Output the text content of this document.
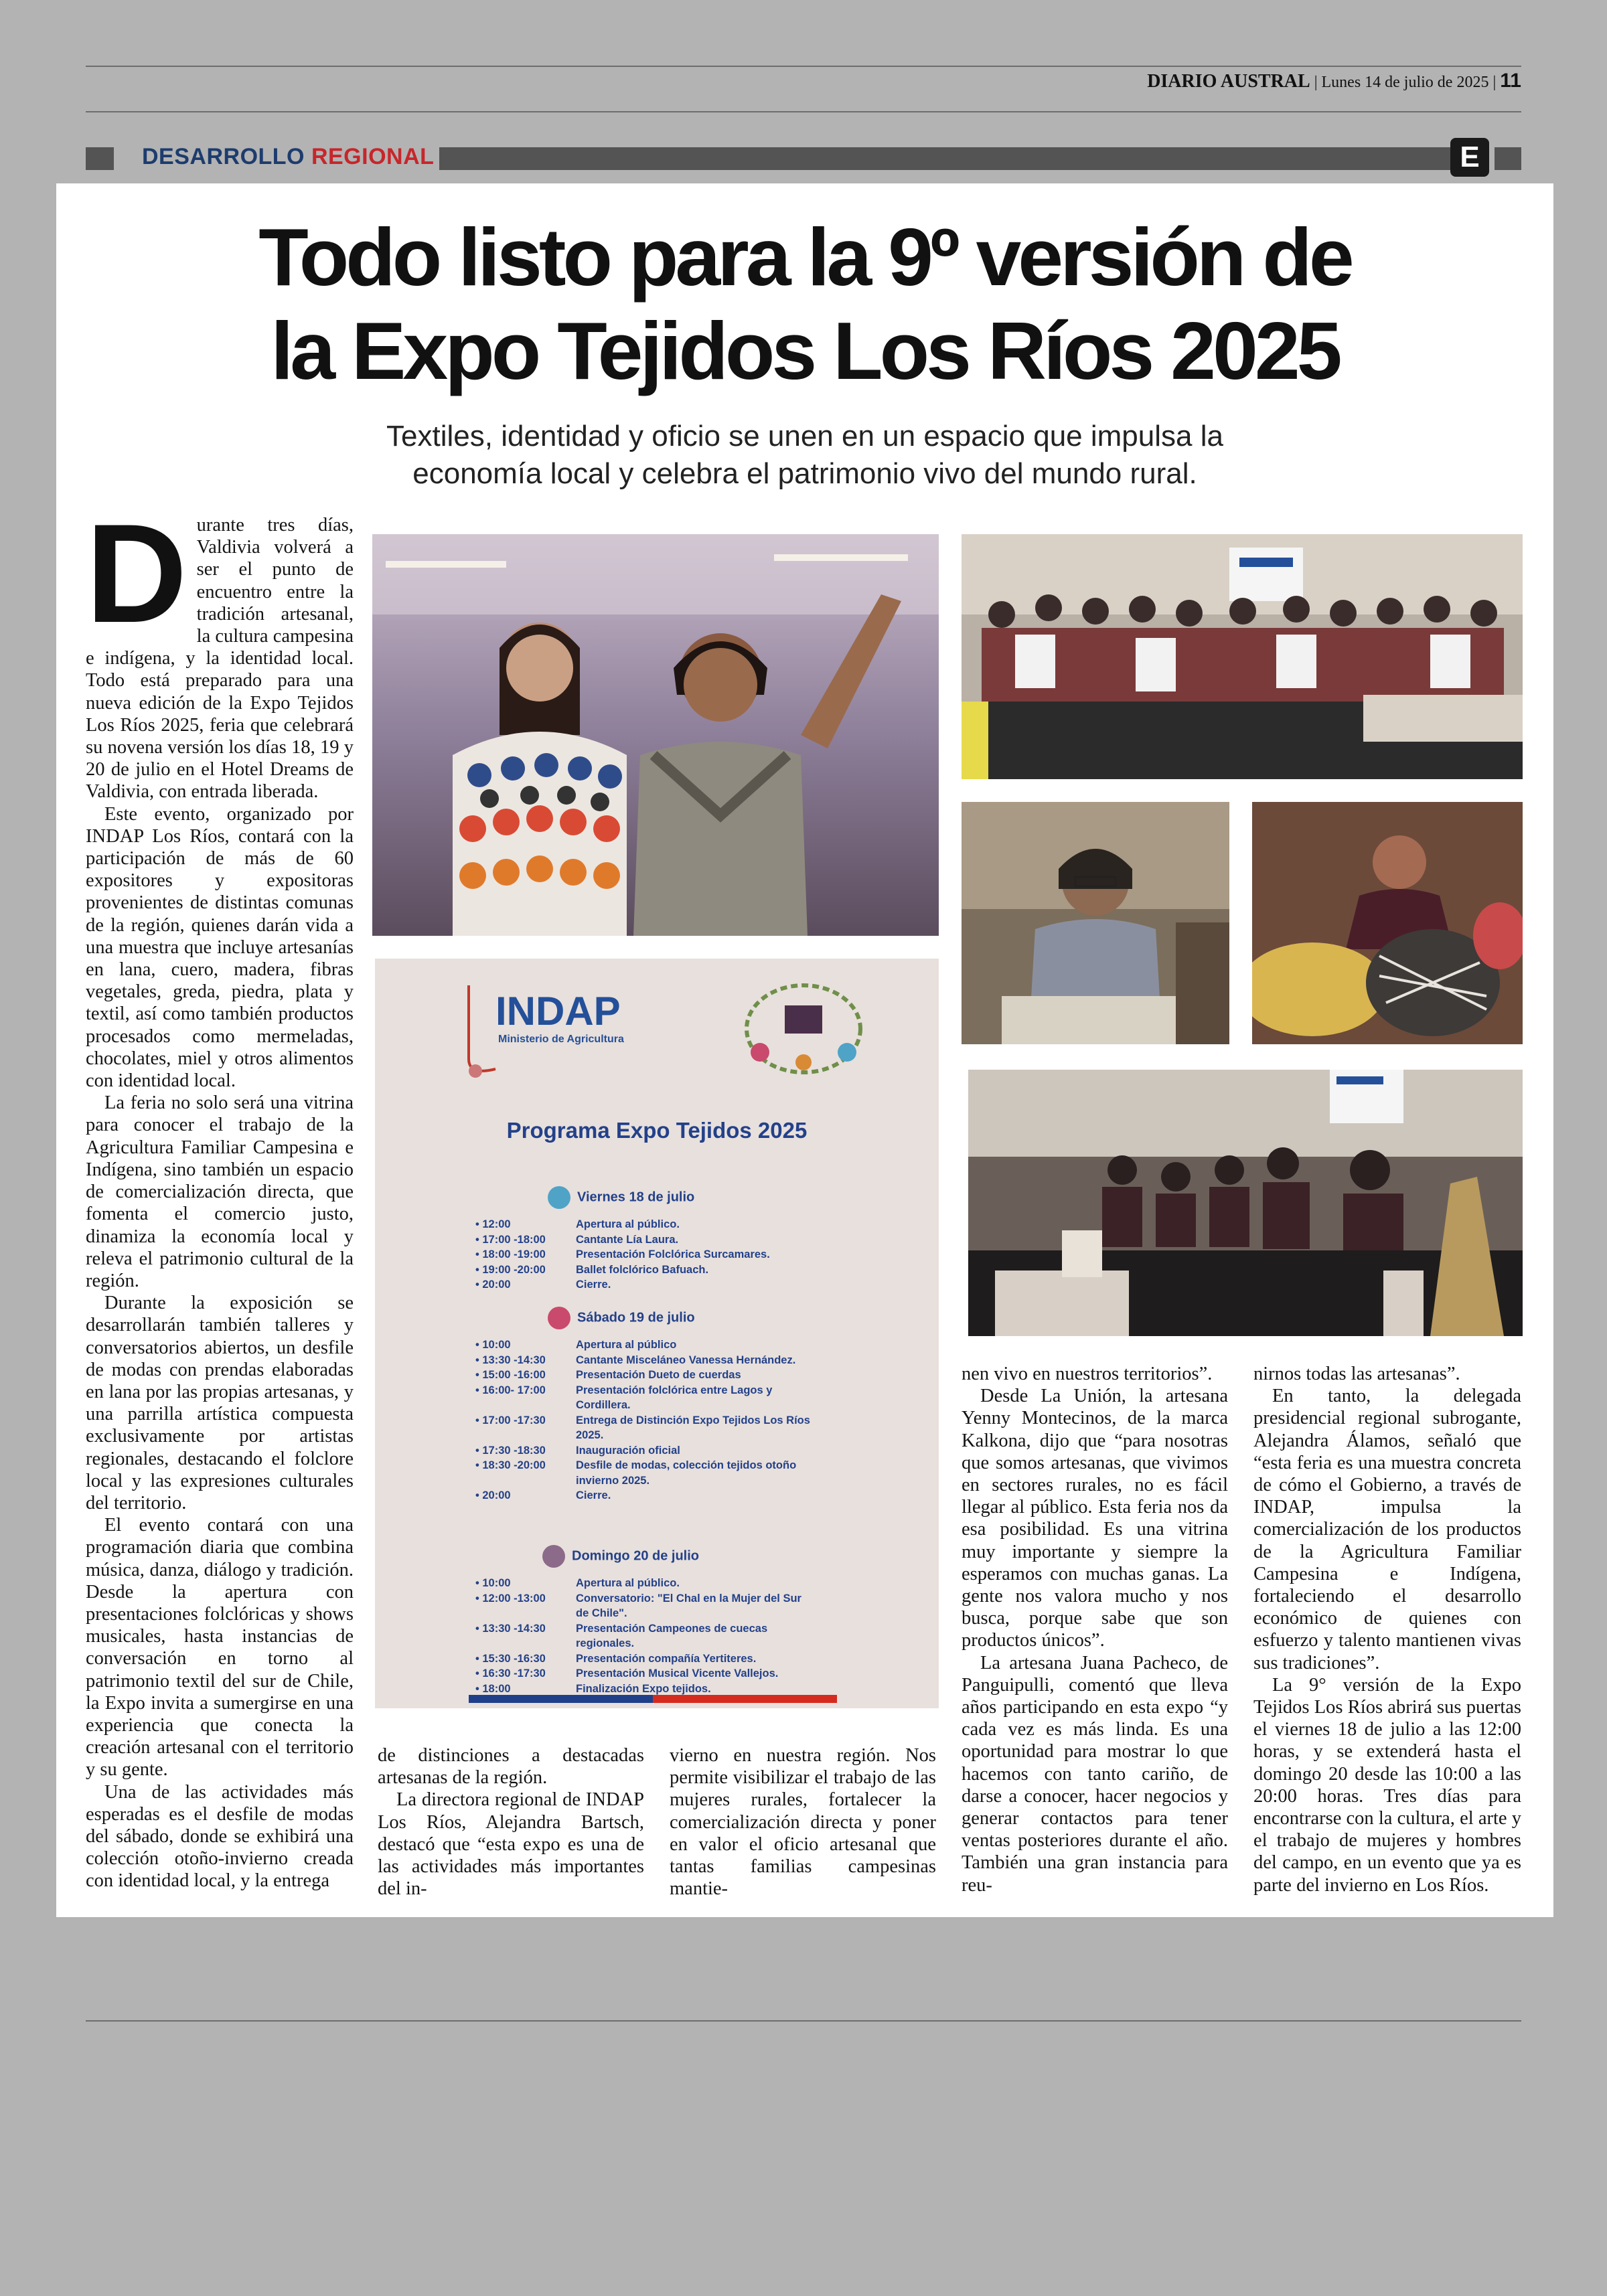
DIARIO AUSTRAL | Lunes 14 de julio de 2025 | 11
DESARROLLO REGIONAL	E
Todo listo para la 9º versión de
la Expo Tejidos Los Ríos 2025
Textiles, identidad y oficio se unen en un espacio que impulsa la
economía local y celebra el patrimonio vivo del mundo rural.

Durante tres días, Valdivia volverá a ser el punto de encuentro entre la tradición artesanal, la cultura campesina e indígena, y la identidad local. Todo está preparado para una nueva edición de la Expo Tejidos Los Ríos 2025, feria que celebrará su novena versión los días 18, 19 y 20 de julio en el Hotel Dreams de Valdivia, con entrada liberada.

Este evento, organizado por INDAP Los Ríos, contará con la participación de más de 60 expositores y expositoras provenientes de distintas comunas de la región, quienes darán vida a una muestra que incluye artesanías en lana, cuero, madera, fibras vegetales, greda, piedra, plata y textil, así como también productos procesados como mermeladas, chocolates, miel y otros alimentos con identidad local.

La feria no solo será una vitrina para conocer el trabajo de la Agricultura Familiar Campesina e Indígena, sino también un espacio de comercialización directa, que fomenta el comercio justo, dinamiza la economía local y releva el patrimonio cultural de la región.

Durante la exposición se desarrollarán también talleres y conversatorios abiertos, un desfile de modas con prendas elaboradas en lana por las propias artesanas, y una parrilla artística compuesta exclusivamente por artistas regionales, destacando el folclore local y las expresiones culturales del territorio.

El evento contará con una programación diaria que combina música, danza, diálogo y tradición. Desde la apertura con presentaciones folclóricas y shows musicales, hasta instancias de conversación en torno al patrimonio textil del sur de Chile, la Expo invita a sumergirse en una experiencia que conecta la creación artesanal con el territorio y su gente.

Una de las actividades más esperadas es el desfile de modas del sábado, donde se exhibirá una colección otoño-invierno creada con identidad local, y la entrega

INDAP
Ministerio de Agricultura
Programa Expo Tejidos 2025
Viernes 18 de julio
• 12:00	Apertura al público.
• 17:00 -18:00	Cantante Lía Laura.
• 18:00 -19:00	Presentación Folclórica Surcamares.
• 19:00 -20:00	Ballet folclórico Bafuach.
• 20:00	Cierre.
Sábado 19 de julio
• 10:00	Apertura al público
• 13:30 -14:30	Cantante Misceláneo Vanessa Hernández.
• 15:00 -16:00	Presentación Dueto de cuerdas
• 16:00- 17:00	Presentación folclórica entre Lagos y Cordillera.
• 17:00 -17:30	Entrega de Distinción Expo Tejidos Los Ríos 2025.
• 17:30 -18:30	Inauguración oficial
• 18:30 -20:00	Desfile de modas, colección tejidos otoño invierno 2025.
• 20:00	Cierre.
Domingo 20 de julio
• 10:00	Apertura al público.
• 12:00 -13:00	Conversatorio: "El Chal en la Mujer del Sur de Chile".
• 13:30 -14:30	Presentación Campeones de cuecas regionales.
• 15:30 -16:30	Presentación compañía Yertiteres.
• 16:30 -17:30	Presentación Musical Vicente Vallejos.
• 18:00	Finalización Expo tejidos.

de distinciones a destacadas artesanas de la región.

La directora regional de INDAP Los Ríos, Alejandra Bartsch, destacó que “esta expo es una de las actividades más importantes del in-

vierno en nuestra región. Nos permite visibilizar el trabajo de las mujeres rurales, fortalecer la comercialización directa y poner en valor el oficio artesanal que tantas familias campesinas mantie-

nen vivo en nuestros territorios”.

Desde La Unión, la artesana Yenny Montecinos, de la marca Kalkona, dijo que “para nosotras que somos artesanas, que vivimos en sectores rurales, no es fácil llegar al público. Esta feria nos da esa posibilidad. Es una vitrina muy importante y siempre la esperamos con muchas ganas. La gente nos valora mucho y nos busca, porque sabe que son productos únicos”.

La artesana Juana Pacheco, de Panguipulli, comentó que lleva años participando en esta expo “y cada vez es más linda. Es una oportunidad para mostrar lo que hacemos con tanto cariño, de darse a conocer, hacer negocios y generar contactos para tener ventas posteriores durante el año. También una gran instancia para reu-

nirnos todas las artesanas”.

En tanto, la delegada presidencial regional subrogante, Alejandra Álamos, señaló que “esta feria es una muestra concreta de cómo el Gobierno, a través de INDAP, impulsa la comercialización de los productos de la Agricultura Familiar Campesina e Indígena, fortaleciendo el desarrollo económico de quienes con esfuerzo y talento mantienen vivas sus tradiciones”.

La 9° versión de la Expo Tejidos Los Ríos abrirá sus puertas el viernes 18 de julio a las 12:00 horas, y se extenderá hasta el domingo 20 desde las 10:00 a las 20:00 horas. Tres días para encontrarse con la cultura, el arte y el trabajo de mujeres y hombres del campo, en un evento que ya es parte del invierno en Los Ríos.
